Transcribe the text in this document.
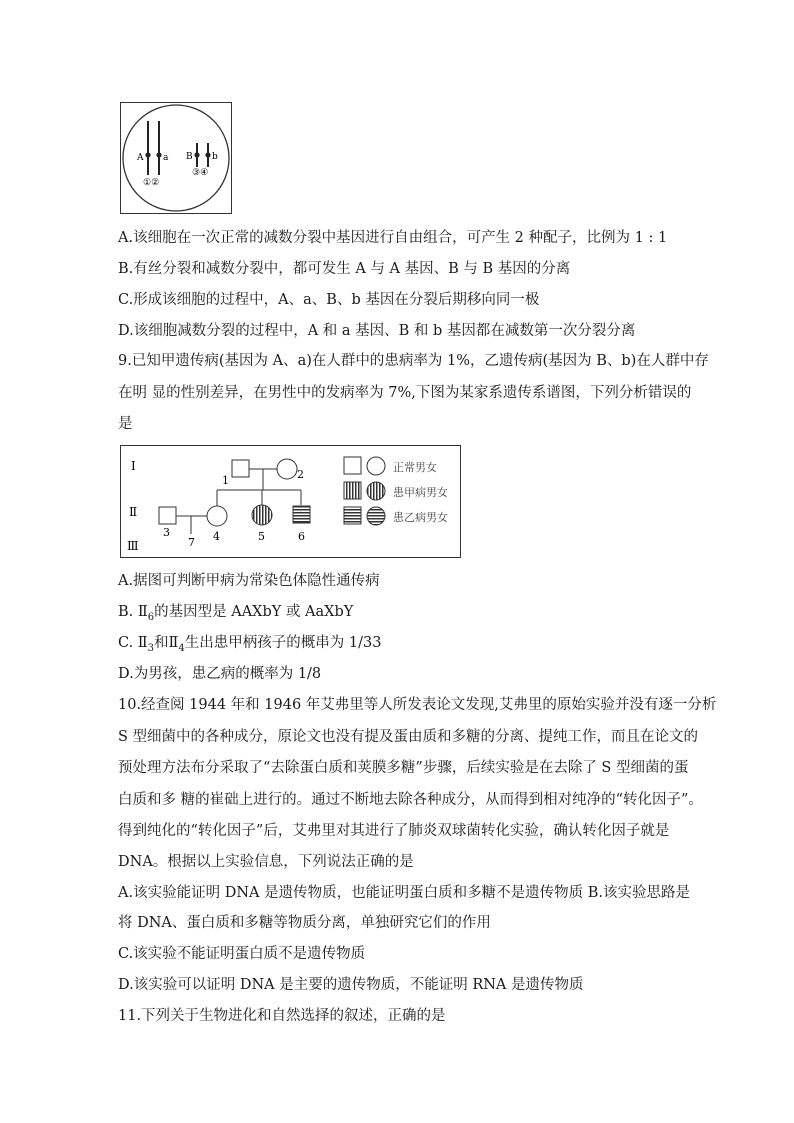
A a B b
①②
③④
A.该细胞在一次正常的减数分裂中基因进行自由组合，可产生 2 种配子，比例为 1 : 1
B.有丝分裂和减数分裂中，都可发生 A 与 A 基因、B 与 B 基因的分离
C.形成该细胞的过程中，A、a、B、b 基因在分裂后期移向同一极
D.该细胞减数分裂的过程中，A 和 a 基因、B 和 b 基因都在减数第一次分裂分离
9.已知甲遗传病(基因为 A、a)在人群中的患病率为 1%，乙遗传病(基因为 B、b)在人群中存
在明 显的性别差异，在男性中的发病率为 7%,下图为某家系遗传系谱图，下列分析错误的
是
Ⅰ
Ⅱ
Ⅲ
1	2
3
7 4	5	6
正常男女
患甲病男女
患乙病男女
A.据图可判断甲病为常染色体隐性通传病
B. $Ⅱ_6$的基因型是 AAXbY 或 AaXbY
C. $Ⅱ_3$和$Ⅱ_4$生出患甲柄孩子的概串为 1/33
D.为男孩，患乙病的概率为 1/8
10.经查阅 1944 年和 1946 年艾弗里等人所发表论文发现,艾弗里的原始实验并没有逐一分析
S 型细菌中的各种成分，原论文也没有提及蛋由质和多糖的分离、提纯工作，而且在论文的
预处理方法布分采取了“去除蛋白质和荚膜多糖”步骤，后续实验是在去除了 S 型细菌的蛋
白质和多 糖的崔础上进行的。通过不断地去除各种成分，从而得到相对纯净的“转化因子”。
得到纯化的“转化因子”后，艾弗里对其进行了肺炎双球菌转化实验，确认转化因子就是
DNA。根据以上实验信息，下列说法正确的是
A.该实验能证明 DNA 是遗传物质，也能证明蛋白质和多糖不是遗传物质 B.该实验思路是
将 DNA、蛋白质和多糖等物质分离，单独研究它们的作用
C.该实验不能证明蛋白质不是遗传物质
D.该实验可以证明 DNA 是主要的遗传物质，不能证明 RNA 是遗传物质
11.下列关于生物进化和自然选择的叙述，正确的是
